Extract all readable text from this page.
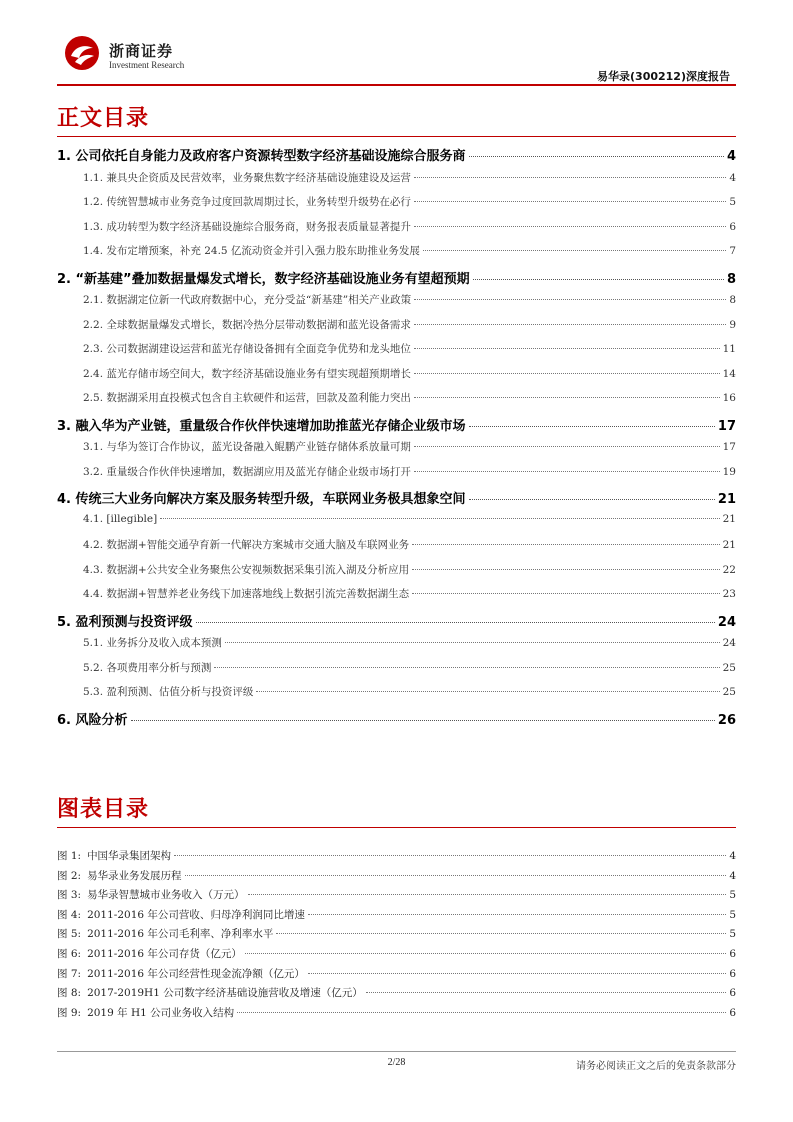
浙商证券
Investment Research
易华录(300212)深度报告
正文目录
1. 公司依托自身能力及政府客户资源转型数字经济基础设施综合服务商	4
1.1. 兼具央企资质及民营效率，业务聚焦数字经济基础设施建设及运营	4
1.2. 传统智慧城市业务竞争过度回款周期过长，业务转型升级势在必行	5
1.3. 成功转型为数字经济基础设施综合服务商，财务报表质量显著提升	6
1.4. 发布定增预案，补充 24.5 亿流动资金并引入强力股东助推业务发展	7
2. “新基建”叠加数据量爆发式增长，数字经济基础设施业务有望超预期	8
2.1. 数据湖定位新一代政府数据中心，充分受益“新基建”相关产业政策	8
2.2. 全球数据量爆发式增长，数据冷热分层带动数据湖和蓝光设备需求	9
2.3. 公司数据湖建设运营和蓝光存储设备拥有全面竞争优势和龙头地位	11
2.4. 蓝光存储市场空间大，数字经济基础设施业务有望实现超预期增长	14
2.5. 数据湖采用直投模式包含自主软硬件和运营，回款及盈利能力突出	16
3. 融入华为产业链，重量级合作伙伴快速增加助推蓝光存储企业级市场	17
3.1. 与华为签订合作协议，蓝光设备融入鲲鹏产业链存储体系放量可期	17
3.2. 重量级合作伙伴快速增加，数据湖应用及蓝光存储企业级市场打开	19
4. 传统三大业务向解决方案及服务转型升级，车联网业务极具想象空间	21
4.1. [illegible]	21
4.2. 数据湖+智能交通孕育新一代解决方案城市交通大脑及车联网业务	21
4.3. 数据湖+公共安全业务聚焦公安视频数据采集引流入湖及分析应用	22
4.4. 数据湖+智慧养老业务线下加速落地线上数据引流完善数据湖生态	23
5. 盈利预测与投资评级	24
5.1. 业务拆分及收入成本预测	24
5.2. 各项费用率分析与预测	25
5.3. 盈利预测、估值分析与投资评级	25
6. 风险分析	26
图表目录
图 1: 中国华录集团架构	4
图 2: 易华录业务发展历程	4
图 3: 易华录智慧城市业务收入（万元）	5
图 4: 2011-2016 年公司营收、归母净利润同比增速	5
图 5: 2011-2016 年公司毛利率、净利率水平	5
图 6: 2011-2016 年公司存货（亿元）	6
图 7: 2011-2016 年公司经营性现金流净额（亿元）	6
图 8: 2017-2019H1 公司数字经济基础设施营收及增速（亿元）	6
图 9: 2019 年 H1 公司业务收入结构	6
2/28	请务必阅读正文之后的免责条款部分
